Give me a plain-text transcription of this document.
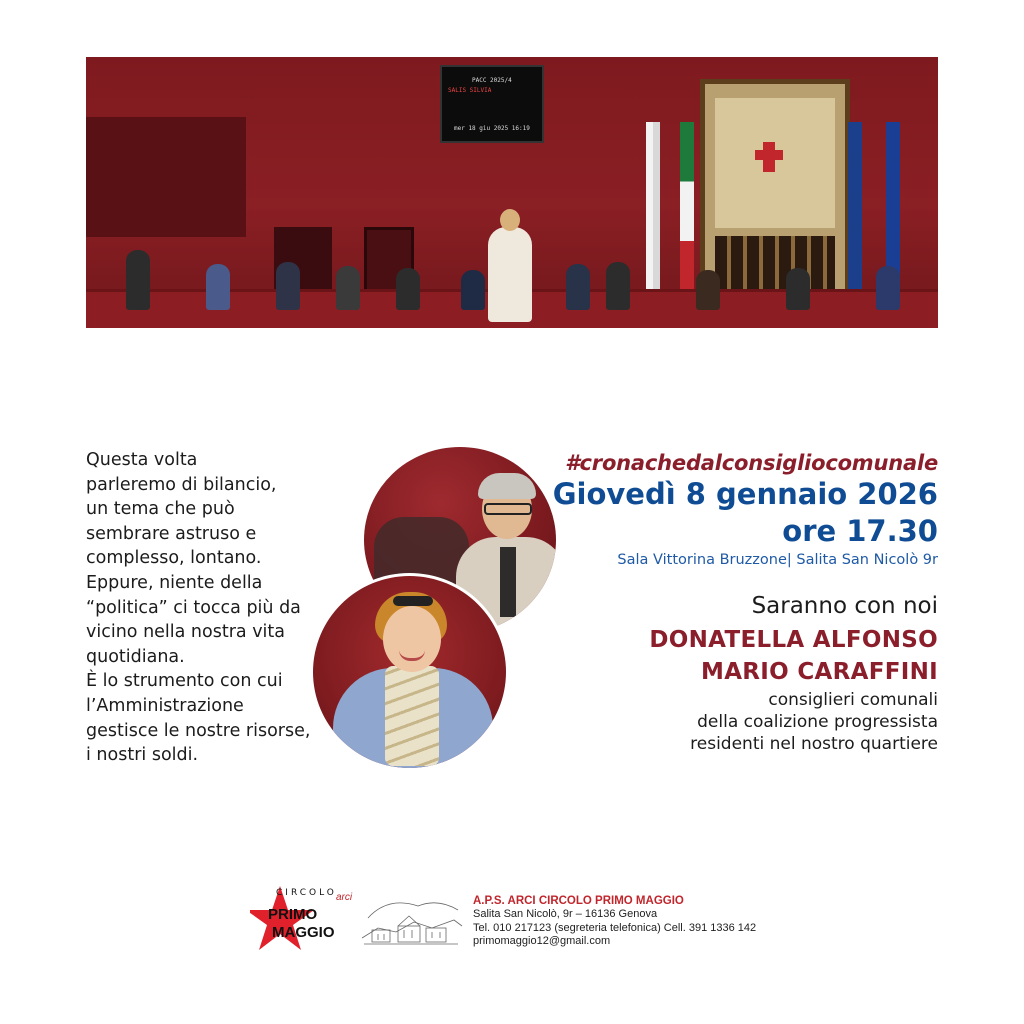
PACC 2025/4
SALIS SILVIA
mer 18 giu 2025 16:19
Questa volta
parleremo di bilancio,
un tema che può
sembrare astruso e
complesso, lontano.
Eppure, niente della
“politica” ci tocca più da
vicino nella nostra vita
quotidiana.
È lo strumento con cui
l’Amministrazione
gestisce le nostre risorse,
i nostri soldi.
#cronachedalconsigliocomunale
Giovedì 8 gennaio 2026
ore 17.30
Sala Vittorina Bruzzone| Salita San Nicolò 9r
Saranno con noi
DONATELLA ALFONSO
MARIO CARAFFINI
consiglieri comunali
della coalizione progressista
residenti nel nostro quartiere
CIRCOLO
PRIMO
MAGGIO
arci	A.P.S. ARCI CIRCOLO PRIMO MAGGIO
Salita San Nicolò, 9r – 16136 Genova
Tel. 010 217123 (segreteria telefonica) Cell. 391 1336 142
primomaggio12@gmail.com
